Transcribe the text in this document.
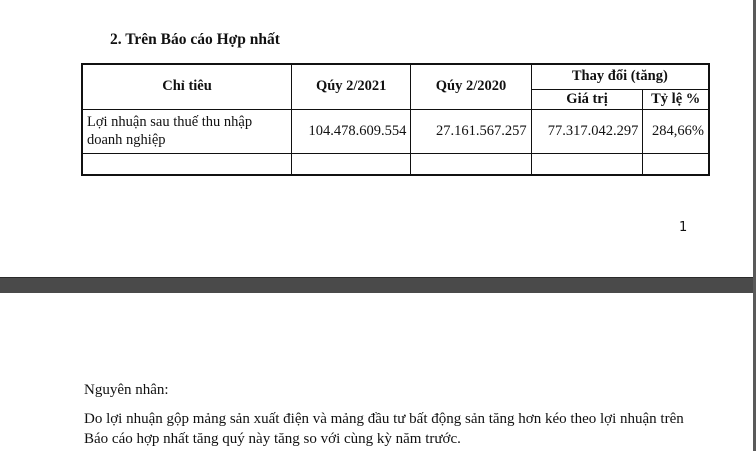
2. Trên Báo cáo Hợp nhất
Chỉ tiêu	Qúy 2/2021	Qúy 2/2020	Thay đổi (tăng)	
			Giá trị	Tỷ lệ %
Lợi nhuận sau thuế thu nhập doanh nghiệp	104.478.609.554	27.161.567.257	77.317.042.297	284,66%

1
Nguyên nhân:
Do lợi nhuận gộp mảng sản xuất điện và mảng đầu tư bất động sản tăng hơn kéo theo lợi nhuận trên Báo cáo hợp nhất tăng quý này tăng so với cùng kỳ năm trước.
